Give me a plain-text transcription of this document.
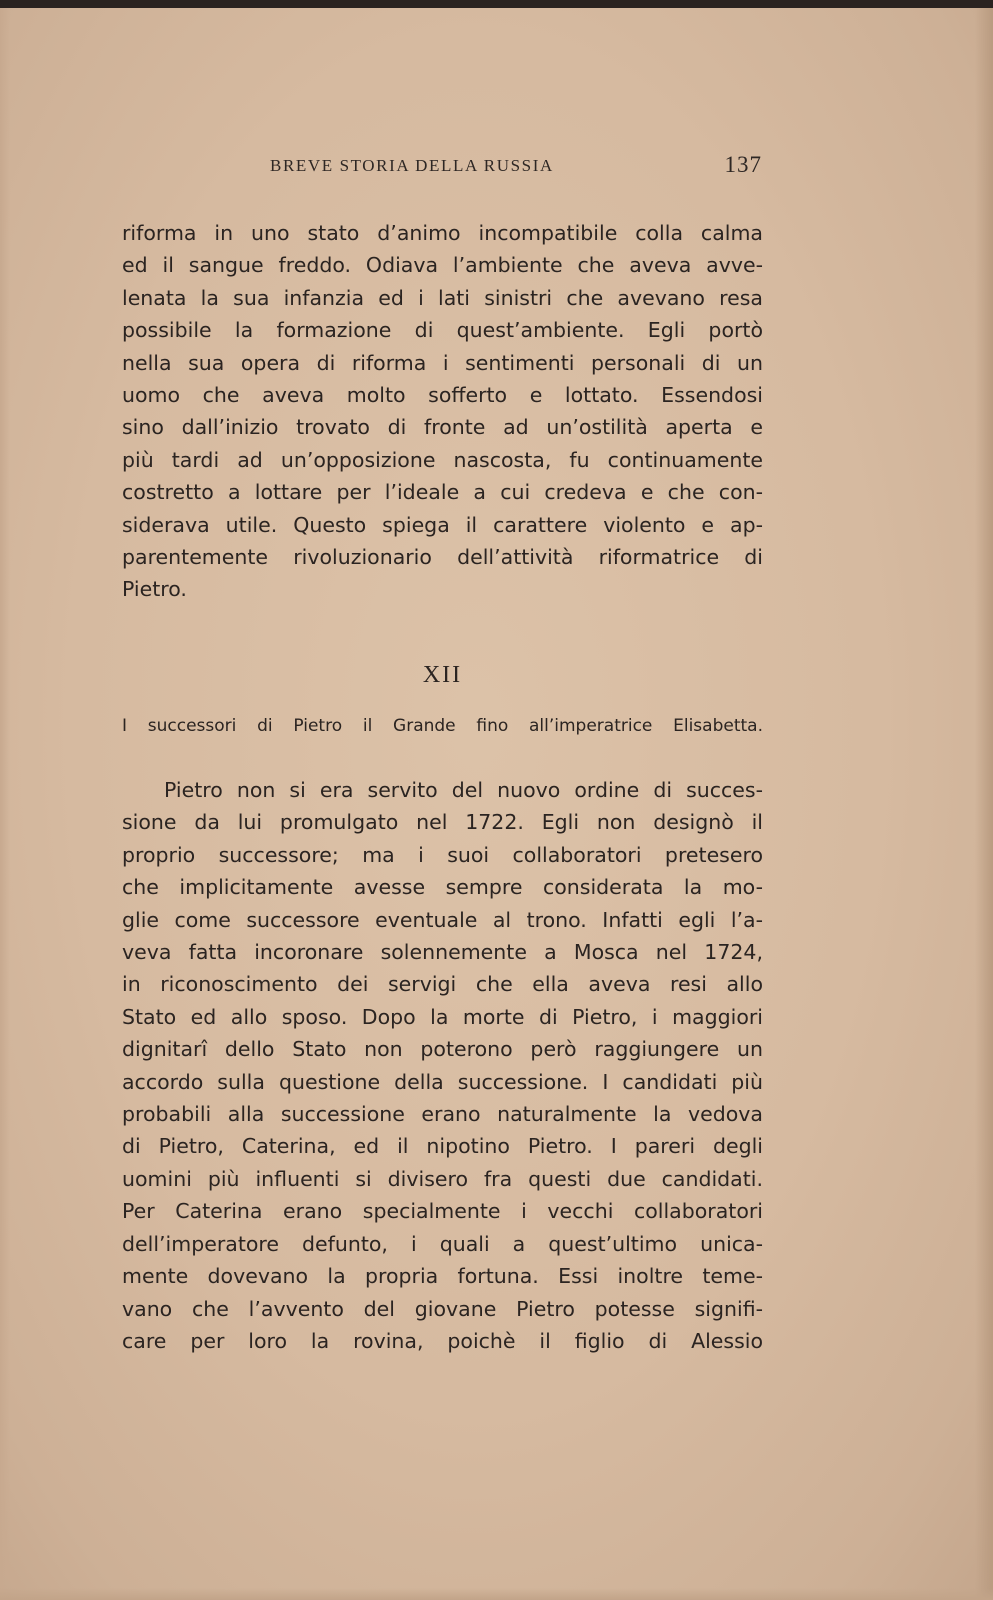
BREVE STORIA DELLA RUSSIA	137
riforma in uno stato d’animo incompatibile colla calma
ed il sangue freddo. Odiava l’ambiente che aveva avve-
lenata la sua infanzia ed i lati sinistri che avevano resa
possibile la formazione di quest’ambiente. Egli portò
nella sua opera di riforma i sentimenti personali di un
uomo che aveva molto sofferto e lottato. Essendosi
sino dall’inizio trovato di fronte ad un’ostilità aperta e
più tardi ad un’opposizione nascosta, fu continuamente
costretto a lottare per l’ideale a cui credeva e che con-
siderava utile. Questo spiega il carattere violento e ap-
parentemente rivoluzionario dell’attività riformatrice di
Pietro.
XII
I successori di Pietro il Grande fino all’imperatrice Elisabetta.
Pietro non si era servito del nuovo ordine di succes-
sione da lui promulgato nel 1722. Egli non designò il
proprio successore; ma i suoi collaboratori pretesero
che implicitamente avesse sempre considerata la mo-
glie come successore eventuale al trono. Infatti egli l’a-
veva fatta incoronare solennemente a Mosca nel 1724,
in riconoscimento dei servigi che ella aveva resi allo
Stato ed allo sposo. Dopo la morte di Pietro, i maggiori
dignitarî dello Stato non poterono però raggiungere un
accordo sulla questione della successione. I candidati più
probabili alla successione erano naturalmente la vedova
di Pietro, Caterina, ed il nipotino Pietro. I pareri degli
uomini più influenti si divisero fra questi due candidati.
Per Caterina erano specialmente i vecchi collaboratori
dell’imperatore defunto, i quali a quest’ultimo unica-
mente dovevano la propria fortuna. Essi inoltre teme-
vano che l’avvento del giovane Pietro potesse signifi-
care per loro la rovina, poichè il figlio di Alessio
